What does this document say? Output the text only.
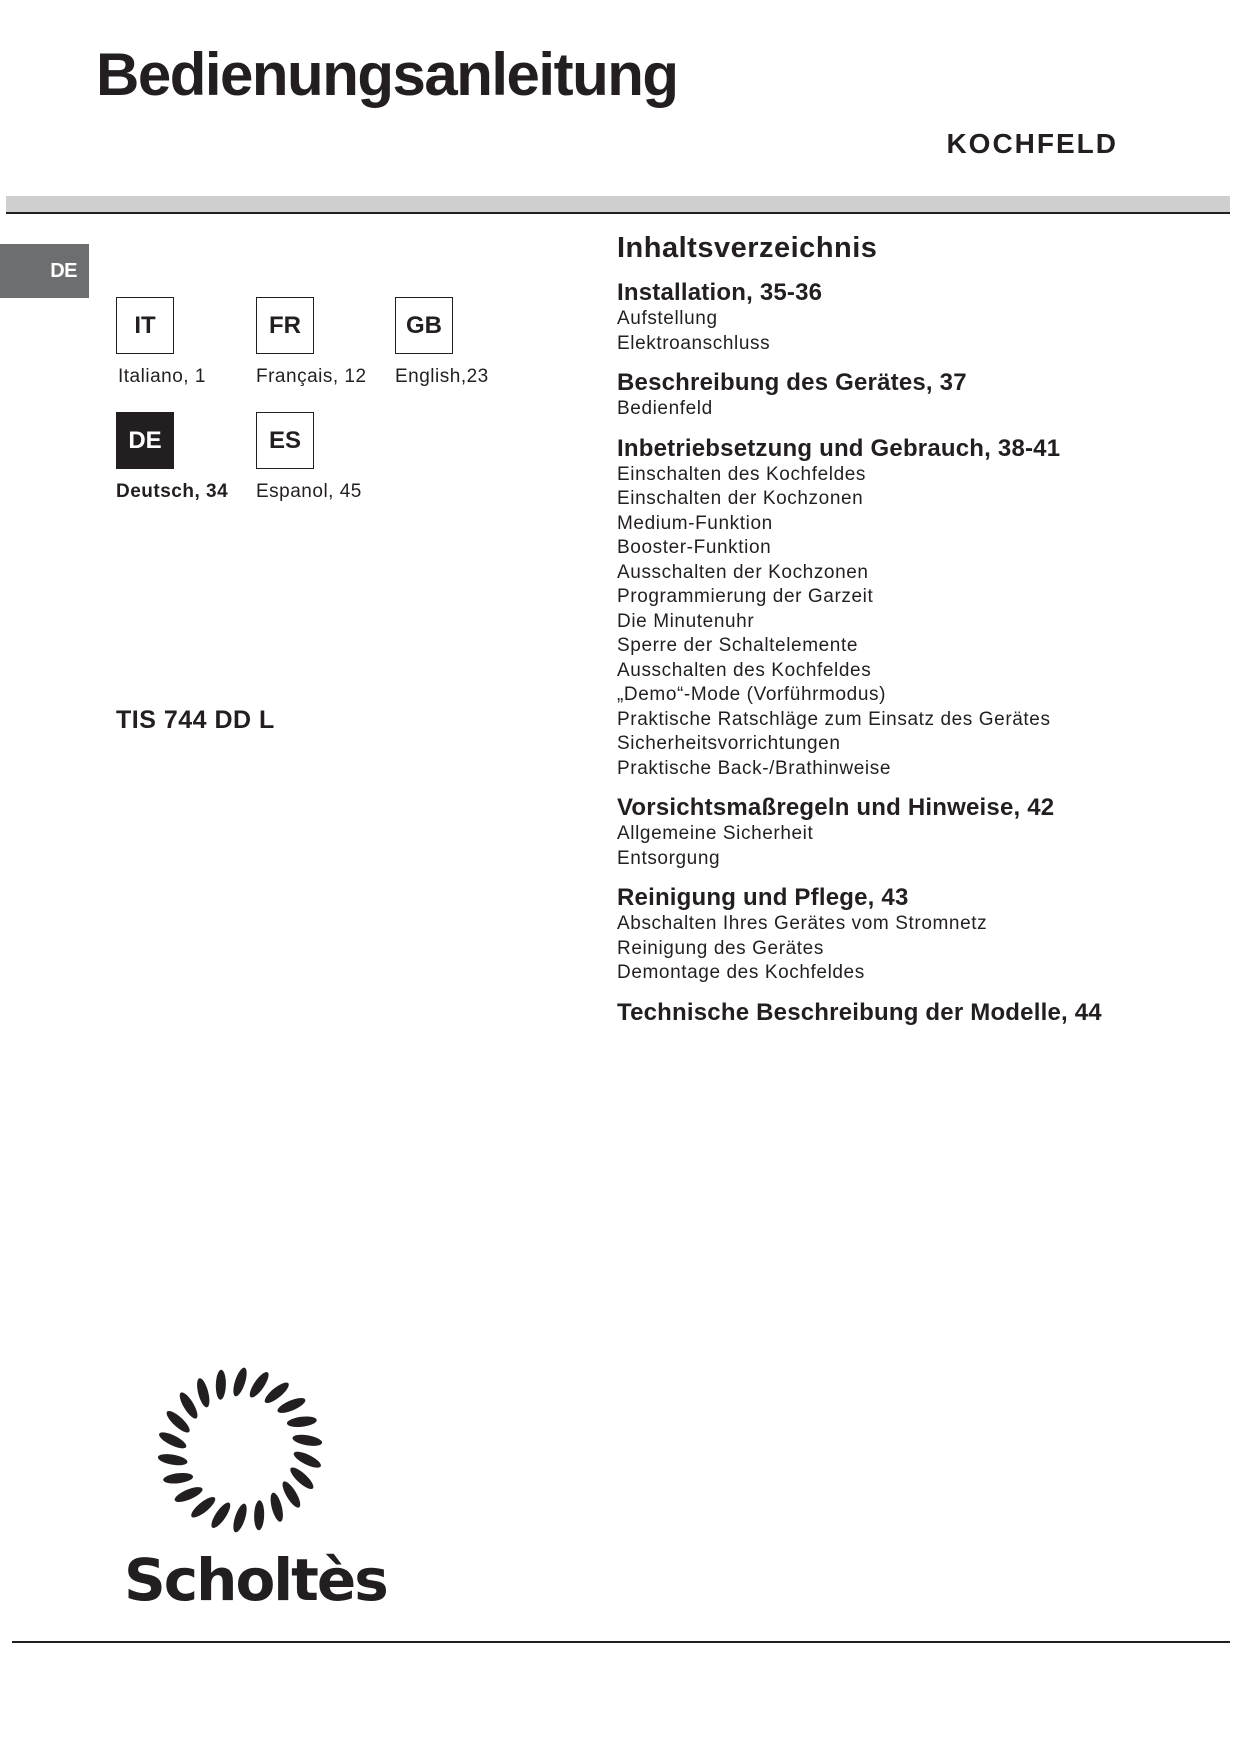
Bedienungsanleitung
KOCHFELD
DE
IT
Italiano, 1
FR
Français, 12
GB
English,23
DE
Deutsch, 34
ES
Espanol, 45
TIS 744 DD L
Inhaltsverzeichnis
Installation, 35-36
Aufstellung
Elektroanschluss
Beschreibung des Gerätes, 37
Bedienfeld
Inbetriebsetzung und Gebrauch, 38-41
Einschalten des Kochfeldes
Einschalten der Kochzonen
Medium-Funktion
Booster-Funktion
Ausschalten der Kochzonen
Programmierung der Garzeit
Die Minutenuhr
Sperre der Schaltelemente
Ausschalten des Kochfeldes
„Demo“-Mode (Vorführmodus)
Praktische Ratschläge zum Einsatz des Gerätes
Sicherheitsvorrichtungen
Praktische Back-/Brathinweise
Vorsichtsmaßregeln und Hinweise, 42
Allgemeine Sicherheit
Entsorgung
Reinigung und Pflege, 43
Abschalten Ihres Gerätes vom Stromnetz
Reinigung des Gerätes
Demontage des Kochfeldes
Technische Beschreibung der Modelle, 44
Scholtès
